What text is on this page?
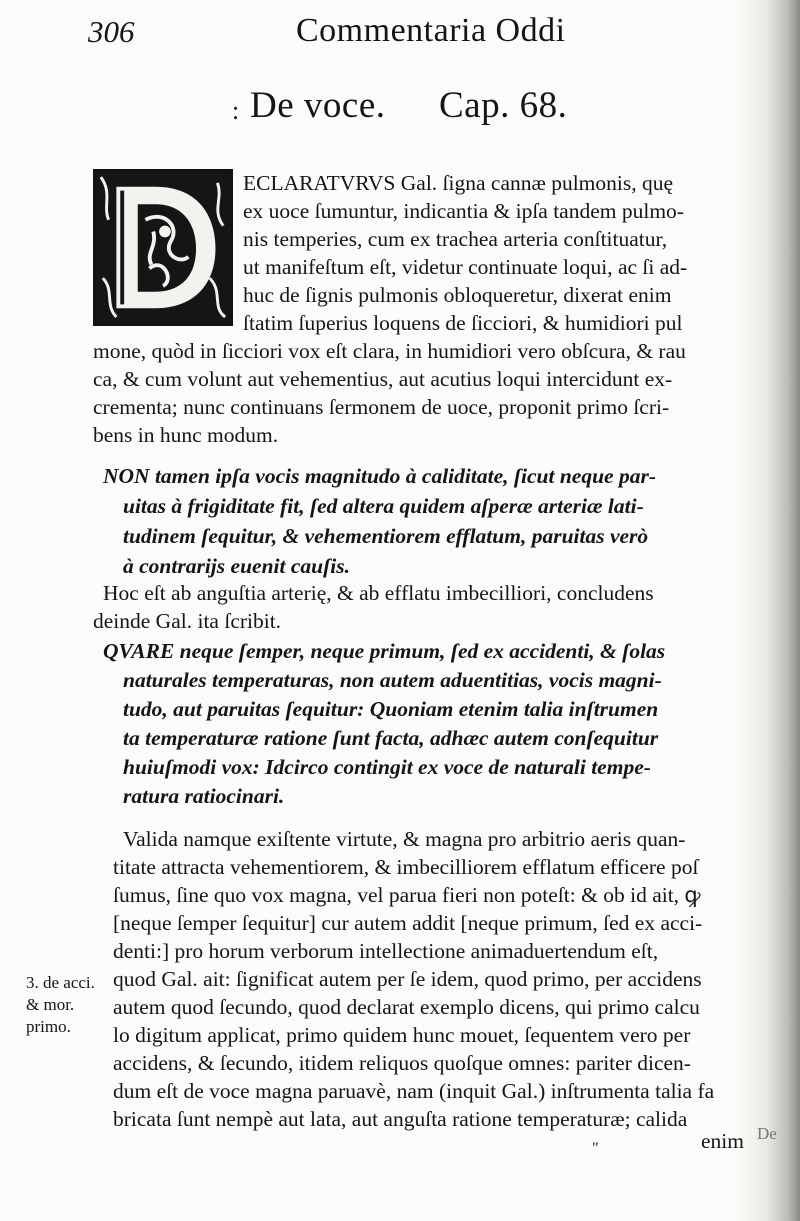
306	Commentaria Oddi
: De voce. Cap. 68.
ECLARATVRVS Gal. ſigna cannæ pulmonis, quę
ex uoce ſumuntur, indicantia & ipſa tandem pulmo-
nis temperies, cum ex trachea arteria conſtituatur,
ut manifeſtum eſt, videtur continuate loqui, ac ſi ad-
huc de ſignis pulmonis obloqueretur, dixerat enim
ſtatim ſuperius loquens de ſicciori, & humidiori pul
mone, quòd in ſicciori vox eſt clara, in humidiori vero obſcura, & rau
ca, & cum volunt aut vehementius, aut acutius loqui intercidunt ex-
crementa; nunc continuans ſermonem de uoce, proponit primo ſcri-
bens in hunc modum.
NON tamen ipſa vocis magnitudo à caliditate, ſicut neque par-
uitas à frigiditate fit, ſed altera quidem aſperæ arteriæ lati-
tudinem ſequitur, & vehementiorem efflatum, paruitas verò
à contrarijs euenit cauſis.
Hoc eſt ab anguſtia arterię, & ab efflatu imbecilliori, concludens
deinde Gal. ita ſcribit.
QVARE neque ſemper, neque primum, ſed ex accidenti, & ſolas
naturales temperaturas, non autem aduentitias, vocis magni-
tudo, aut paruitas ſequitur: Quoniam etenim talia inſtrumen
ta temperaturæ ratione ſunt facta, adhæc autem conſequitur
huiuſmodi vox: Idcirco contingit ex voce de naturali tempe-
ratura ratiocinari.
Valida namque exiſtente virtute, & magna pro arbitrio aeris quan-
titate attracta vehementiorem, & imbecilliorem efflatum efficere poſ
ſumus, ſine quo vox magna, vel parua fieri non poteſt: & ob id ait, ꝙ
[neque ſemper ſequitur] cur autem addit [neque primum, ſed ex acci-
denti:] pro horum verborum intellectione animaduertendum eſt,
quod Gal. ait: ſignificat autem per ſe idem, quod primo, per accidens
autem quod ſecundo, quod declarat exemplo dicens, qui primo calcu
lo digitum applicat, primo quidem hunc mouet, ſequentem vero per
accidens, & ſecundo, itidem reliquos quoſque omnes: pariter dicen-
dum eſt de voce magna paruavè, nam (inquit Gal.) inſtrumenta talia fa
bricata ſunt nempè aut lata, aut anguſta ratione temperaturæ; calida
enim
3. de acci.
& mor.
primo.
"
De
